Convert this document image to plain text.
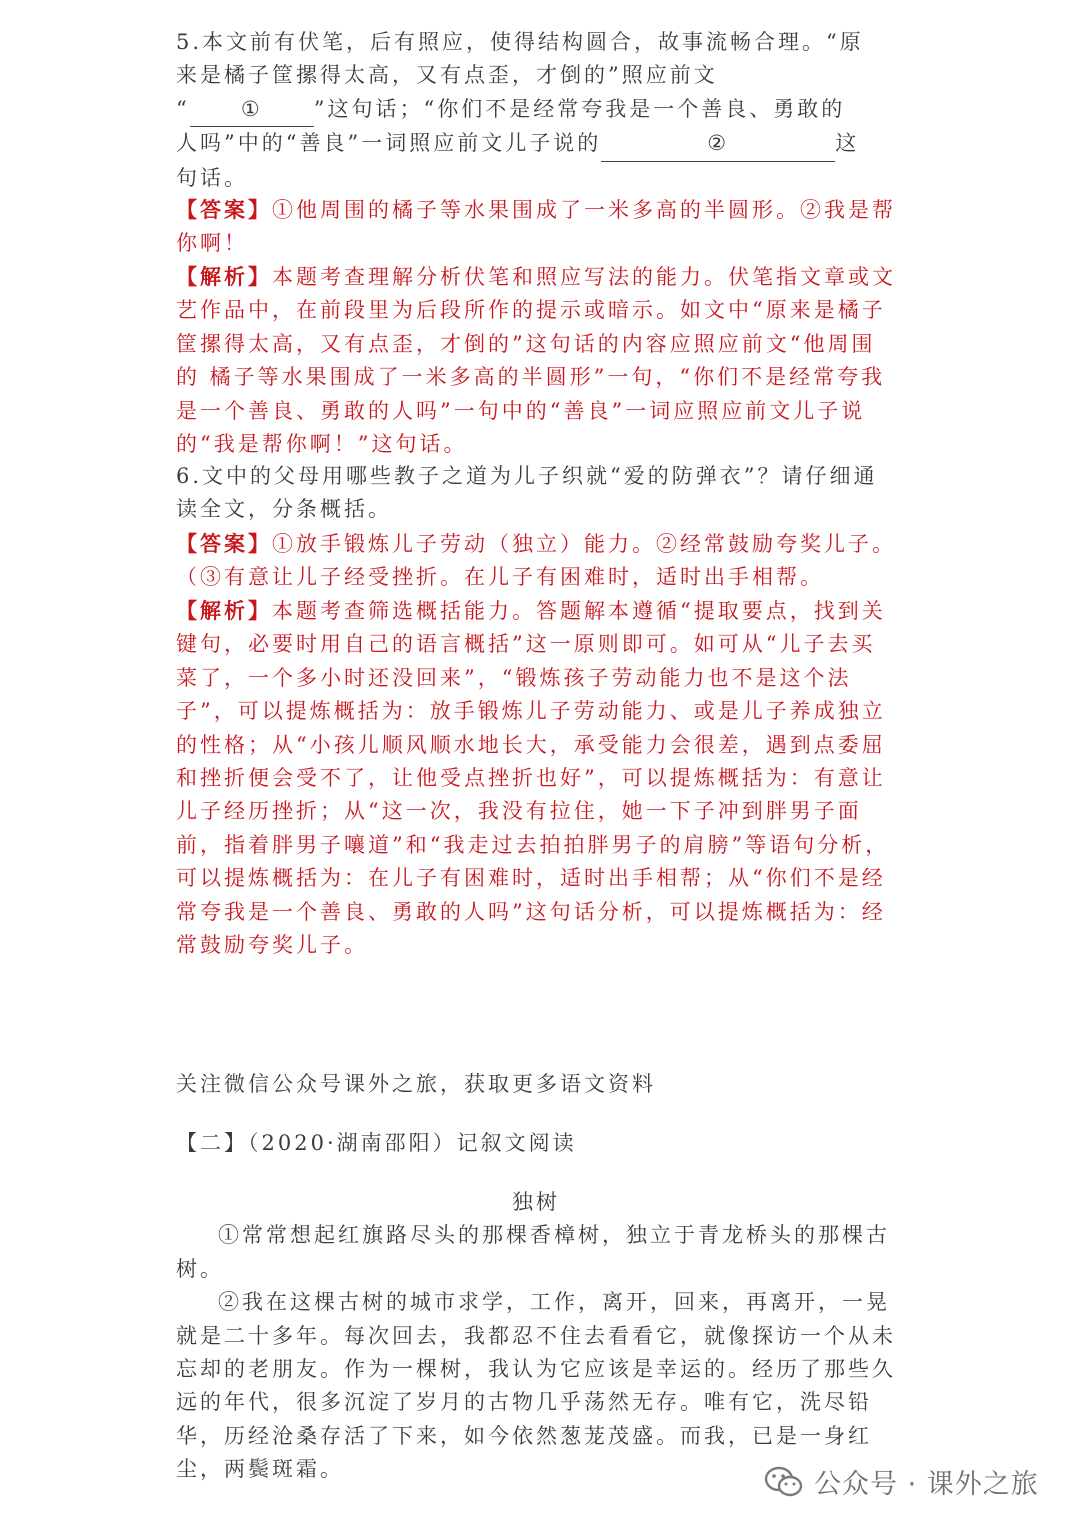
5.本文前有伏笔，后有照应，使得结构圆合，故事流畅合理。“原
来是橘子筐摞得太高，又有点歪，才倒的”照应前文
“ ① ”这句话；“你们不是经常夸我是一个善良、勇敢的
人吗”中的“善良”一词照应前文儿子说的	②	这
句话。
【答案】①他周围的橘子等水果围成了一米多高的半圆形。②我是帮你啊！
【解析】本题考查理解分析伏笔和照应写法的能力。伏笔指文章或文艺作品中，在前段里为后段所作的提示或暗示。如文中“原来是橘子筐摞得太高，又有点歪，才倒的”这句话的内容应照应前文“他周围的 橘子等水果围成了一米多高的半圆形”一句，“你们不是经常夸我是一个善良、勇敢的人吗”一句中的“善良”一词应照应前文儿子说的“我是帮你啊！”这句话。
6.文中的父母用哪些教子之道为儿子织就“爱的防弹衣”？请仔细通读全文，分条概括。
【答案】①放手锻炼儿子劳动（独立）能力。②经常鼓励夸奖儿子。（③有意让儿子经受挫折。在儿子有困难时，适时出手相帮。
【解析】本题考查筛选概括能力。答题解本遵循“提取要点，找到关键句，必要时用自己的语言概括”这一原则即可。如可从“儿子去买菜了，一个多小时还没回来”，“锻炼孩子劳动能力也不是这个法子”，可以提炼概括为：放手锻炼儿子劳动能力、或是儿子养成独立的性格；从“小孩儿顺风顺水地长大，承受能力会很差，遇到点委屈和挫折便会受不了，让他受点挫折也好”，可以提炼概括为：有意让儿子经历挫折；从“这一次，我没有拉住，她一下子冲到胖男子面前，指着胖男子嚷道”和“我走过去拍拍胖男子的肩膀”等语句分析，可以提炼概括为：在儿子有困难时，适时出手相帮；从“你们不是经常夸我是一个善良、勇敢的人吗”这句话分析，可以提炼概括为：经常鼓励夸奖儿子。
关注微信公众号课外之旅，获取更多语文资料
【二】（2020·湖南邵阳）记叙文阅读
独树
①常常想起红旗路尽头的那棵香樟树，独立于青龙桥头的那棵古树。
②我在这棵古树的城市求学，工作，离开，回来，再离开，一晃就是二十多年。每次回去，我都忍不住去看看它，就像探访一个从未忘却的老朋友。作为一棵树，我认为它应该是幸运的。经历了那些久远的年代，很多沉淀了岁月的古物几乎荡然无存。唯有它，洗尽铅华，历经沧桑存活了下来，如今依然葱茏茂盛。而我，已是一身红尘，两鬓斑霜。	公众号 · 课外之旅
